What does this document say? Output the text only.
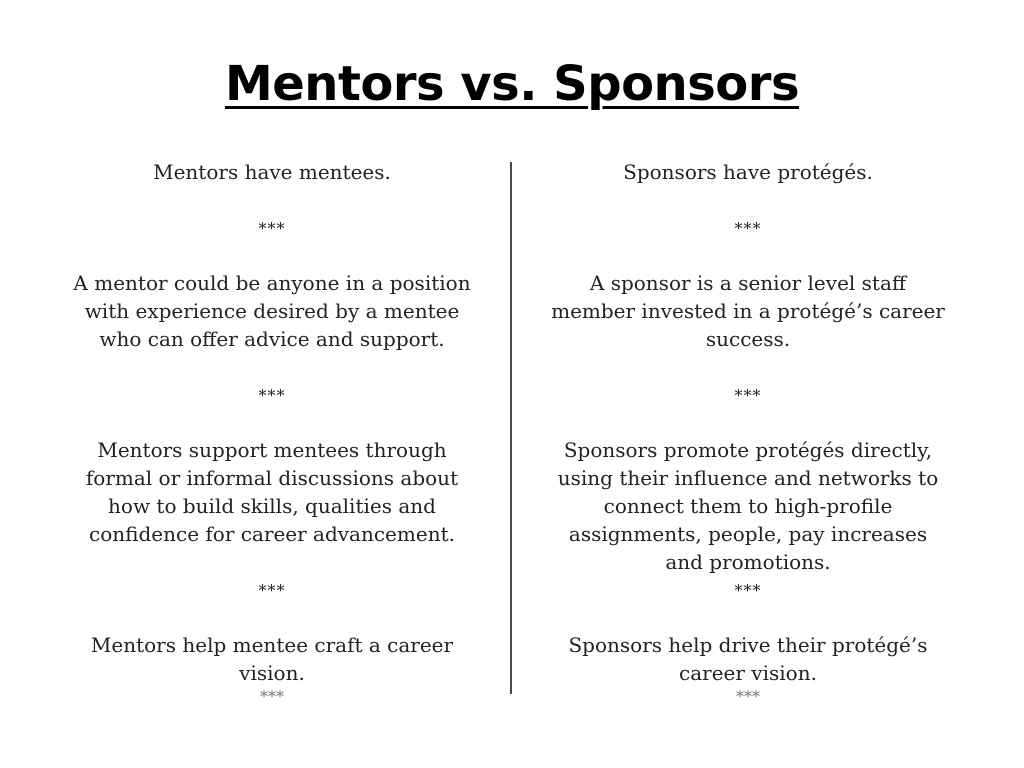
Mentors vs. Sponsors

Mentors have mentees.

***

A mentor could be anyone in a position with experience desired by a mentee who can offer advice and support.

***

Mentors support mentees through formal or informal discussions about how to build skills, qualities and confidence for career advancement.

***

Mentors help mentee craft a career vision.

***

Sponsors have protégés.

***

A sponsor is a senior level staff member invested in a protégé’s career success.

***

Sponsors promote protégés directly, using their influence and networks to connect them to high-profile assignments, people, pay increases and promotions.

***

Sponsors help drive their protégé’s career vision.

***
